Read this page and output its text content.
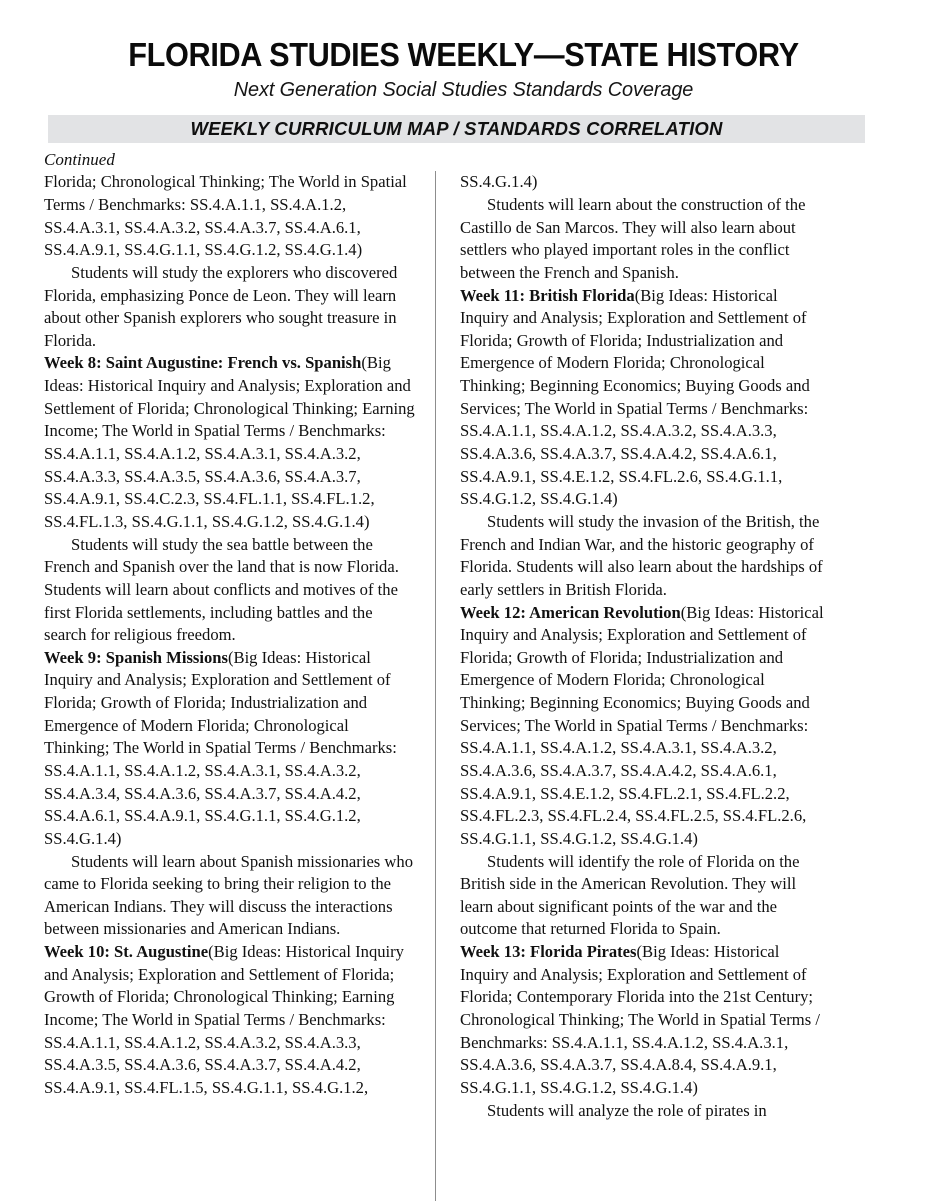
FLORIDA STUDIES WEEKLY—STATE HISTORY
Next Generation Social Studies Standards Coverage
WEEKLY CURRICULUM MAP / STANDARDS CORRELATION
Continued

Florida; Chronological Thinking; The World in Spatial Terms / Benchmarks: SS.4.A.1.1, SS.4.A.1.2, SS.4.A.3.1, SS.4.A.3.2, SS.4.A.3.7, SS.4.A.6.1, SS.4.A.9.1, SS.4.G.1.1, SS.4.G.1.2, SS.4.G.1.4)

Students will study the explorers who discovered Florida, emphasizing Ponce de Leon. They will learn about other Spanish explorers who sought treasure in Florida.

Week 8: Saint Augustine: French vs. Spanish(Big Ideas: Historical Inquiry and Analysis; Exploration and Settlement of Florida; Chronological Thinking; Earning Income; The World in Spatial Terms / Benchmarks: SS.4.A.1.1, SS.4.A.1.2, SS.4.A.3.1, SS.4.A.3.2, SS.4.A.3.3, SS.4.A.3.5, SS.4.A.3.6, SS.4.A.3.7, SS.4.A.9.1, SS.4.C.2.3, SS.4.FL.1.1, SS.4.FL.1.2, SS.4.FL.1.3, SS.4.G.1.1, SS.4.G.1.2, SS.4.G.1.4)

Students will study the sea battle between the French and Spanish over the land that is now Florida. Students will learn about conflicts and motives of the first Florida settlements, including battles and the search for religious freedom.

Week 9: Spanish Missions(Big Ideas: Historical Inquiry and Analysis; Exploration and Settlement of Florida; Growth of Florida; Industrialization and Emergence of Modern Florida; Chronological Thinking; The World in Spatial Terms / Benchmarks: SS.4.A.1.1, SS.4.A.1.2, SS.4.A.3.1, SS.4.A.3.2, SS.4.A.3.4, SS.4.A.3.6, SS.4.A.3.7, SS.4.A.4.2, SS.4.A.6.1, SS.4.A.9.1, SS.4.G.1.1, SS.4.G.1.2, SS.4.G.1.4)

Students will learn about Spanish missionaries who came to Florida seeking to bring their religion to the American Indians. They will discuss the interactions between missionaries and American Indians.

Week 10: St. Augustine(Big Ideas: Historical Inquiry and Analysis; Exploration and Settlement of Florida; Growth of Florida; Chronological Thinking; Earning Income; The World in Spatial Terms / Benchmarks: SS.4.A.1.1, SS.4.A.1.2, SS.4.A.3.2, SS.4.A.3.3, SS.4.A.3.5, SS.4.A.3.6, SS.4.A.3.7, SS.4.A.4.2, SS.4.A.9.1, SS.4.FL.1.5, SS.4.G.1.1, SS.4.G.1.2,

SS.4.G.1.4)

Students will learn about the construction of the Castillo de San Marcos. They will also learn about settlers who played important roles in the conflict between the French and Spanish.

Week 11: British Florida(Big Ideas: Historical Inquiry and Analysis; Exploration and Settlement of Florida; Growth of Florida; Industrialization and Emergence of Modern Florida; Chronological Thinking; Beginning Economics; Buying Goods and Services; The World in Spatial Terms / Benchmarks: SS.4.A.1.1, SS.4.A.1.2, SS.4.A.3.2, SS.4.A.3.3, SS.4.A.3.6, SS.4.A.3.7, SS.4.A.4.2, SS.4.A.6.1, SS.4.A.9.1, SS.4.E.1.2, SS.4.FL.2.6, SS.4.G.1.1, SS.4.G.1.2, SS.4.G.1.4)

Students will study the invasion of the British, the French and Indian War, and the historic geography of Florida. Students will also learn about the hardships of early settlers in British Florida.

Week 12: American Revolution(Big Ideas: Historical Inquiry and Analysis; Exploration and Settlement of Florida; Growth of Florida; Industrialization and Emergence of Modern Florida; Chronological Thinking; Beginning Economics; Buying Goods and Services; The World in Spatial Terms / Benchmarks: SS.4.A.1.1, SS.4.A.1.2, SS.4.A.3.1, SS.4.A.3.2, SS.4.A.3.6, SS.4.A.3.7, SS.4.A.4.2, SS.4.A.6.1, SS.4.A.9.1, SS.4.E.1.2, SS.4.FL.2.1, SS.4.FL.2.2, SS.4.FL.2.3, SS.4.FL.2.4, SS.4.FL.2.5, SS.4.FL.2.6, SS.4.G.1.1, SS.4.G.1.2, SS.4.G.1.4)

Students will identify the role of Florida on the British side in the American Revolution. They will learn about significant points of the war and the outcome that returned Florida to Spain.

Week 13: Florida Pirates(Big Ideas: Historical Inquiry and Analysis; Exploration and Settlement of Florida; Contemporary Florida into the 21st Century; Chronological Thinking; The World in Spatial Terms / Benchmarks: SS.4.A.1.1, SS.4.A.1.2, SS.4.A.3.1, SS.4.A.3.6, SS.4.A.3.7, SS.4.A.8.4, SS.4.A.9.1, SS.4.G.1.1, SS.4.G.1.2, SS.4.G.1.4)

Students will analyze the role of pirates in
